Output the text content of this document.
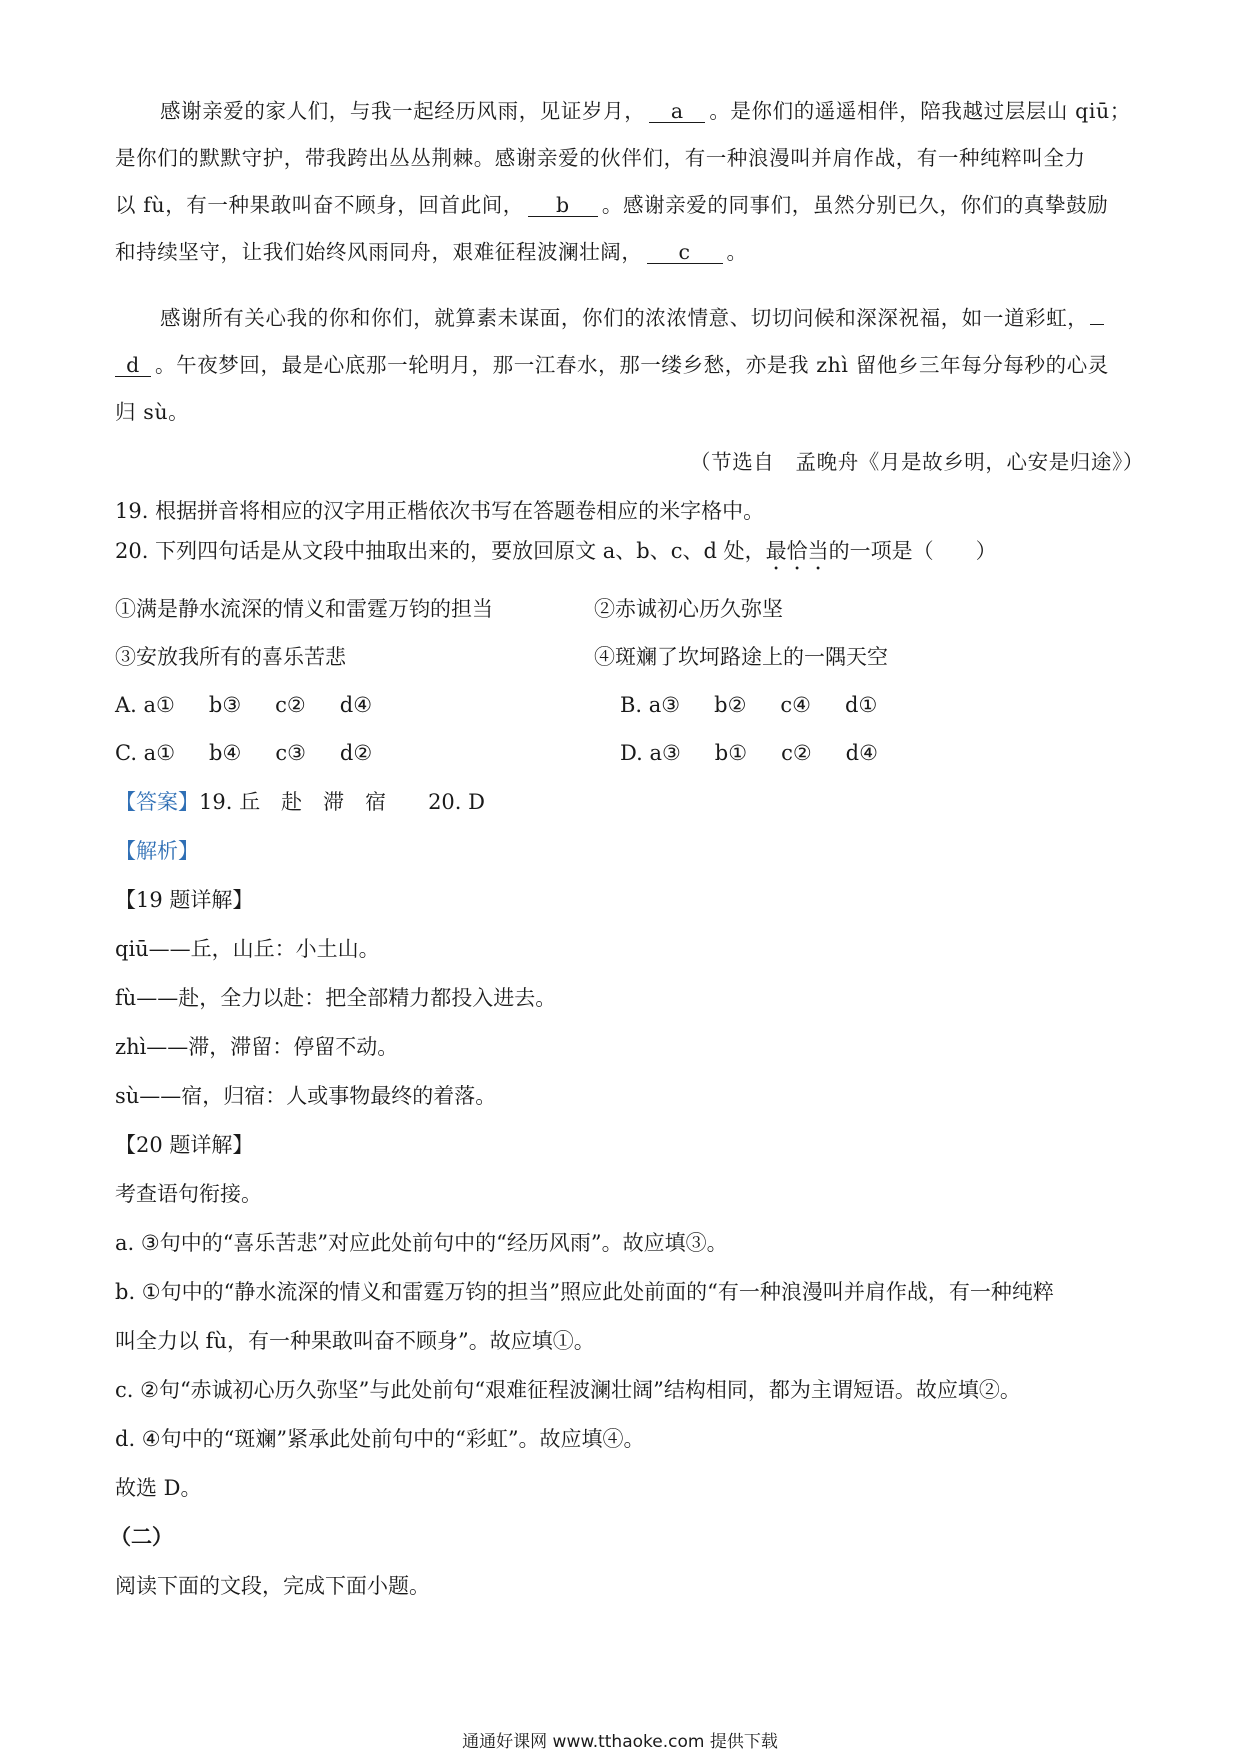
感谢亲爱的家人们，与我一起经历风雨，见证岁月， a 。是你们的遥遥相伴，陪我越过层层山 qiū；
是你们的默默守护，带我跨出丛丛荆棘。感谢亲爱的伙伴们，有一种浪漫叫并肩作战，有一种纯粹叫全力
以 fù，有一种果敢叫奋不顾身，回首此间， b 。感谢亲爱的同事们，虽然分别已久，你们的真挚鼓励
和持续坚守，让我们始终风雨同舟，艰难征程波澜壮阔， c 。
感谢所有关心我的你和你们，就算素未谋面，你们的浓浓情意、切切问候和深深祝福，如一道彩虹，
d 。午夜梦回，最是心底那一轮明月，那一江春水，那一缕乡愁，亦是我 zhì 留他乡三年每分每秒的心灵
归 sù。
（节选自　孟晚舟《月是故乡明，心安是归途》）
19. 根据拼音将相应的汉字用正楷依次书写在答题卷相应的米字格中。
20. 下列四句话是从文段中抽取出来的，要放回原文 a、b、c、d 处，最恰当的一项是（　　）
①满是静水流深的情义和雷霆万钧的担当	②赤诚初心历久弥坚
③安放我所有的喜乐苦悲	④斑斓了坎坷路途上的一隅天空
A. a① b③ c② d④	B. a③ b② c④ d①
C. a① b④ c③ d②	D. a③ b① c② d④
【答案】19. 丘　赴　滞　宿　　20. D
【解析】
【19 题详解】
qiū——丘，山丘：小土山。
fù——赴，全力以赴：把全部精力都投入进去。
zhì——滞，滞留：停留不动。
sù——宿，归宿：人或事物最终的着落。
【20 题详解】
考查语句衔接。
a. ③句中的“喜乐苦悲”对应此处前句中的“经历风雨”。故应填③。
b. ①句中的“静水流深的情义和雷霆万钧的担当”照应此处前面的“有一种浪漫叫并肩作战，有一种纯粹
叫全力以 fù，有一种果敢叫奋不顾身”。故应填①。
c. ②句“赤诚初心历久弥坚”与此处前句“艰难征程波澜壮阔”结构相同，都为主谓短语。故应填②。
d. ④句中的“斑斓”紧承此处前句中的“彩虹”。故应填④。
故选 D。
（二）
阅读下面的文段，完成下面小题。
通通好课网 www.tthaoke.com 提供下载
